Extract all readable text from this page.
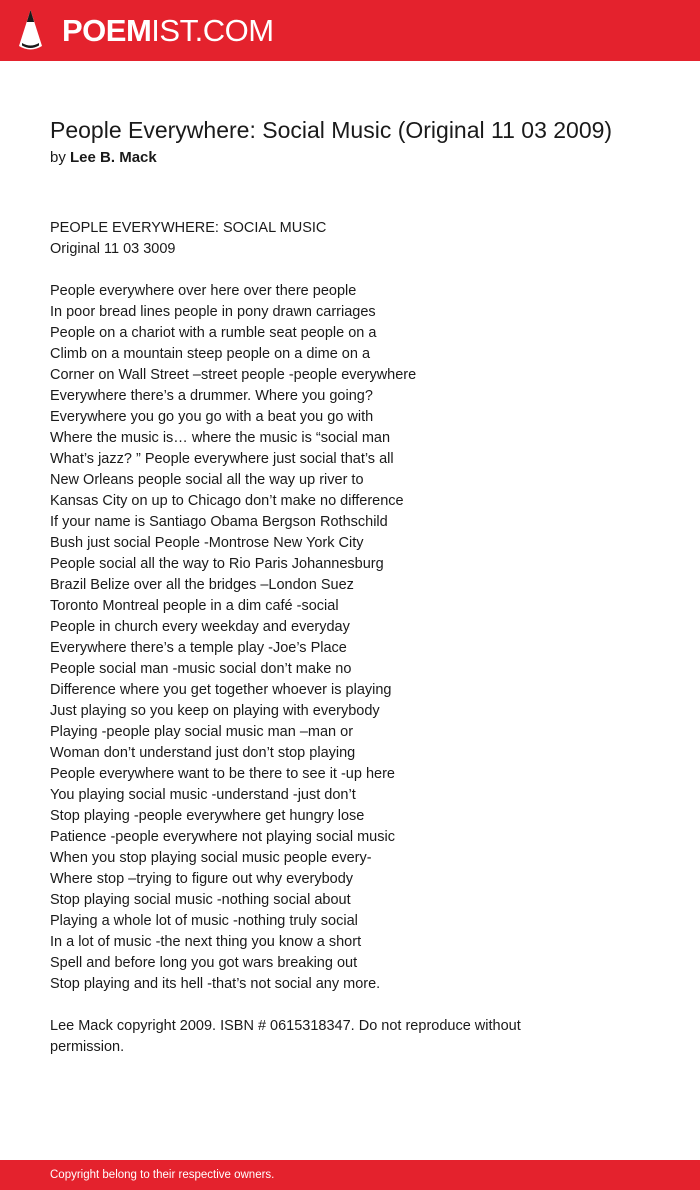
POEMIST.COM
People Everywhere: Social Music (Original 11 03 2009)
by Lee B. Mack
PEOPLE EVERYWHERE: SOCIAL MUSIC
Original 11 03 3009
People everywhere over here over there people
In poor bread lines people in pony drawn carriages
People on a chariot with a rumble seat people on a
Climb on a mountain steep people on a dime on a
Corner on Wall Street –street people -people everywhere
Everywhere there’s a drummer. Where you going?
Everywhere you go you go with a beat you go with
Where the music is… where the music is “social man
What’s jazz? ” People everywhere just social that’s all
New Orleans people social all the way up river to
Kansas City on up to Chicago don’t make no difference
If your name is Santiago Obama Bergson Rothschild
Bush just social People -Montrose New York City
People social all the way to Rio Paris Johannesburg
Brazil Belize over all the bridges –London Suez
Toronto Montreal people in a dim café -social
People in church every weekday and everyday
Everywhere there’s a temple play -Joe’s Place
People social man -music social don’t make no
Difference where you get together whoever is playing
Just playing so you keep on playing with everybody
Playing -people play social music man –man or
Woman don’t understand just don’t stop playing
People everywhere want to be there to see it -up here
You playing social music -understand -just don’t
Stop playing -people everywhere get hungry lose
Patience -people everywhere not playing social music
When you stop playing social music people every-
Where stop –trying to figure out why everybody
Stop playing social music -nothing social about
Playing a whole lot of music -nothing truly social
In a lot of music -the next thing you know a short
Spell and before long you got wars breaking out
Stop playing and its hell -that’s not social any more.
Lee Mack copyright 2009. ISBN # 0615318347. Do not reproduce without permission.
Copyright belong to their respective owners.
